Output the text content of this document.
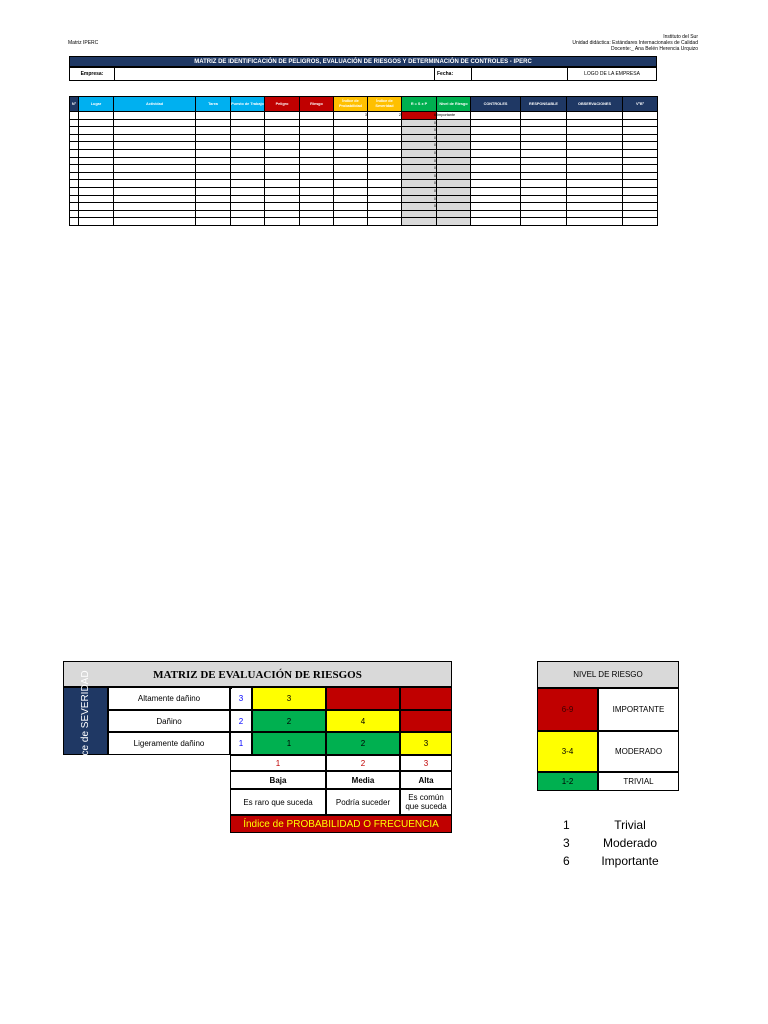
Matriz IPERC
Instituto del Sur
Unidad didáctica: Estándares Internacionales de Calidad
Docente:_ Ana Belén Herencia Urquizo
MATRIZ DE IDENTIFICACIÓN DE PELIGROS, EVALUACIÓN DE RIESGOS Y DETERMINACIÓN DE CONTROLES - IPERC
Empresa:	Fecha:	LOGO DE LA EMPRESA
N°	Lugar	Actividad	Tarea	Puesto de Trabajo	Peligro	Riesgo	Índice de Probabilidad	Índice de Severidad	R = S x P	Nivel de Riesgo	CONTROLES	RESPONSABLE	OBSERVACIONES	VºBº
							3	2	6	Importante				
									0					
									0					
									0					
									0					
									0					
									0					
									0					
									0					
									0					
									0					
									0					
									0					

MATRIZ DE EVALUACIÓN DE RIESGOS
Índice de SEVERIDAD	Altamente dañino	3	3	6	9
Dañino	2	2	4	6
Ligeramente dañino	1	1	2	3
1	2	3
Baja	Media	Alta
Es raro que suceda	Podría suceder	Es común que suceda
Índice de PROBABILIDAD O FRECUENCIA
NIVEL DE RIESGO
6-9	IMPORTANTE
3-4	MODERADO
1-2	TRIVIAL
1	Trivial
3	Moderado
6	Importante
